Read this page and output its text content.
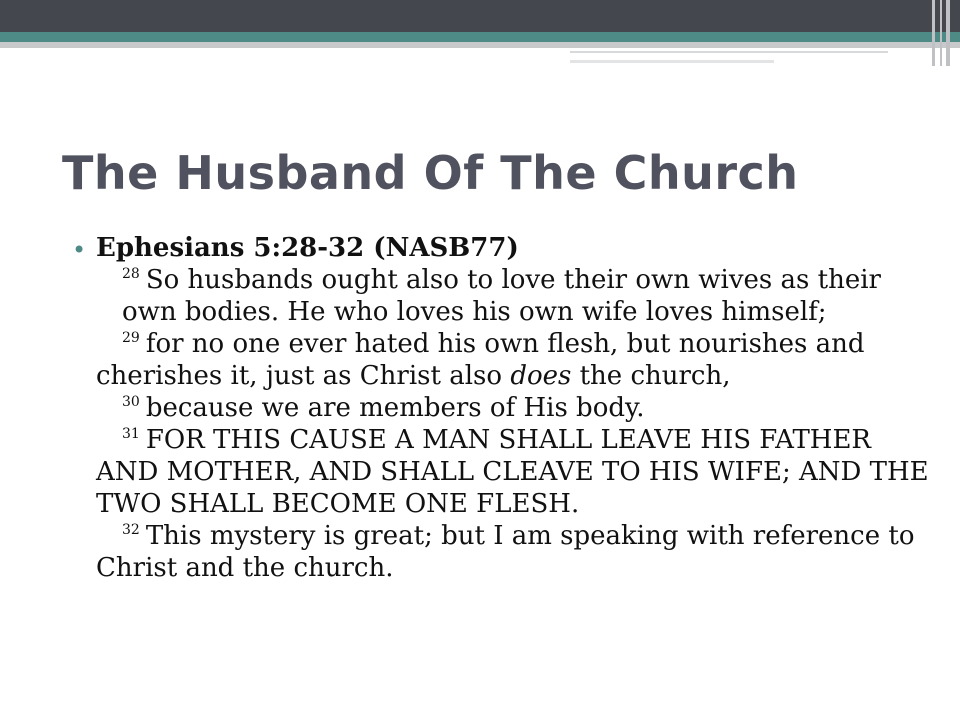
The Husband Of The Church
• Ephesians 5:28-32 (NASB77)
$^{28}$ So husbands ought also to love their own wives as their own bodies. He who loves his own wife loves himself;
$^{29}$ for no one ever hated his own flesh, but nourishes and cherishes it, just as Christ also does the church,
$^{30}$ because we are members of His body.
$^{31}$ FOR THIS CAUSE A MAN SHALL LEAVE HIS FATHER AND MOTHER, AND SHALL CLEAVE TO HIS WIFE; AND THE TWO SHALL BECOME ONE FLESH.
$^{32}$ This mystery is great; but I am speaking with reference to Christ and the church.
